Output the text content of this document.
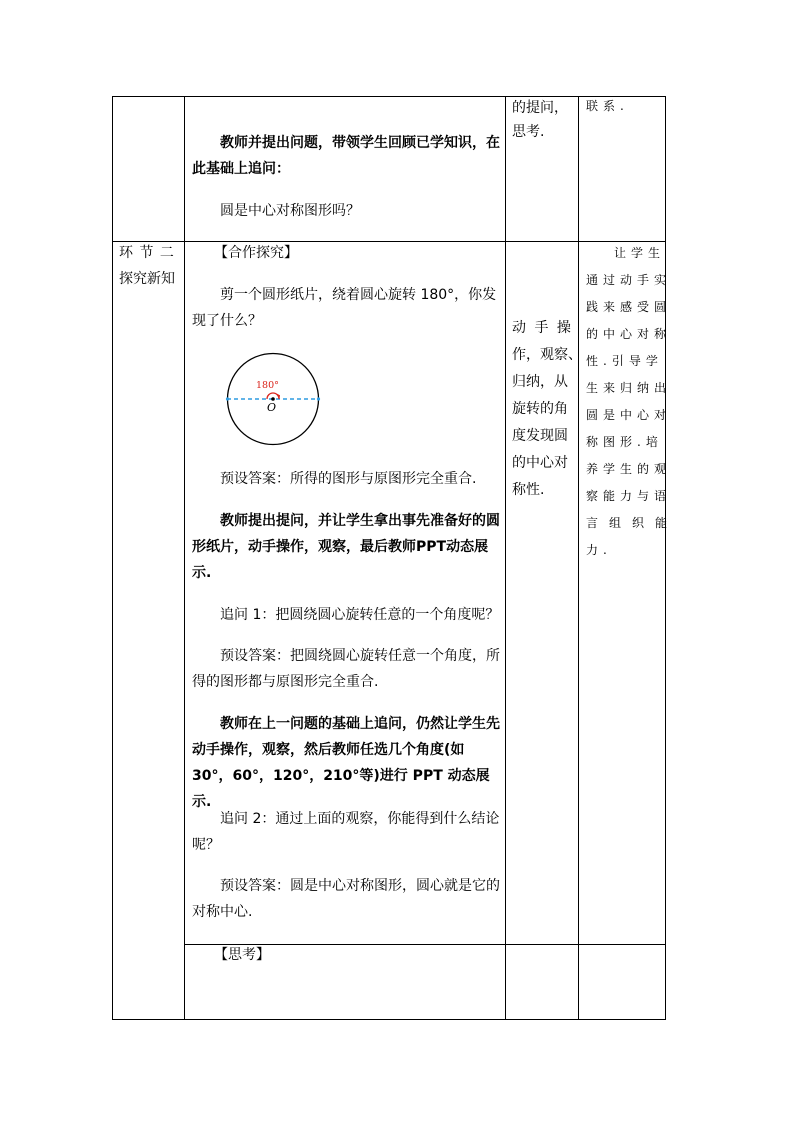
教师并提出问题，带领学生回顾已学知识，在此基础上追问：
圆是中心对称图形吗？
的提问，
思考.
联系.
环 节 二
探究新知
【合作探究】
剪一个圆形纸片，绕着圆心旋转 180°，你发现了什么？
180°
O
预设答案：所得的图形与原图形完全重合.
教师提出提问，并让学生拿出事先准备好的圆形纸片，动手操作，观察，最后教师PPT动态展示.
追问 1：把圆绕圆心旋转任意的一个角度呢？
预设答案：把圆绕圆心旋转任意一个角度，所得的图形都与原图形完全重合.
教师在上一问题的基础上追问，仍然让学生先动手操作，观察，然后教师任选几个角度(如 30°，60°，120°，210°等)进行 PPT 动态展示.
追问 2：通过上面的观察，你能得到什么结论呢？
预设答案：圆是中心对称图形，圆心就是它的对称中心.
动 手 操
作，观察、
归纳，从
旋转的角
度发现圆
的中心对
称性.
让学生
通过动手实
践来感受圆
的中心对称
性.引导学
生来归纳出
圆是中心对
称图形.培
养学生的观
察能力与语
言组织能
力.
【思考】
